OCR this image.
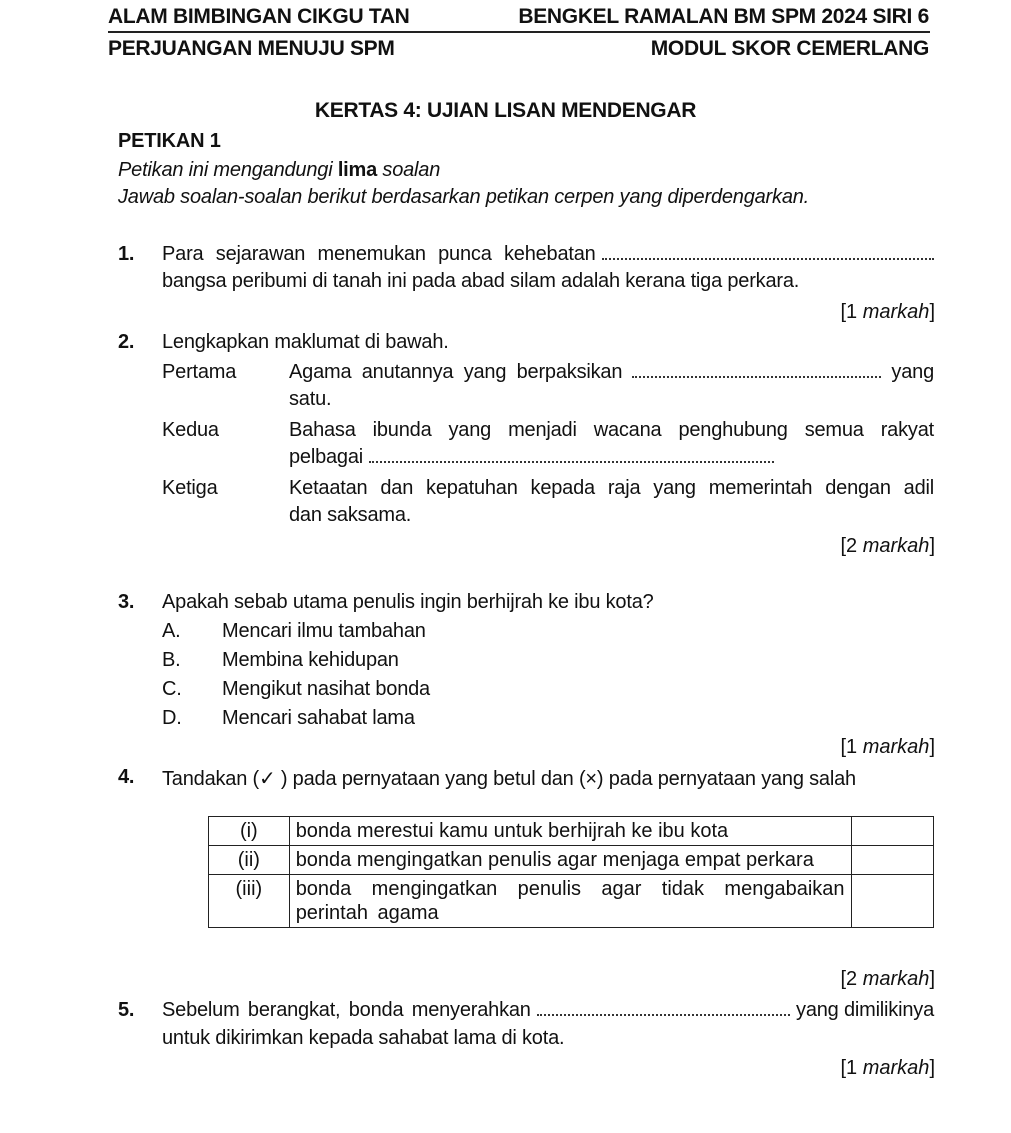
ALAM BIMBINGAN CIKGU TAN	BENGKEL RAMALAN BM SPM 2024 SIRI 6
PERJUANGAN MENUJU SPM	MODUL SKOR CEMERLANG
KERTAS 4: UJIAN LISAN MENDENGAR
PETIKAN 1
Petikan ini mengandungi lima soalan
Jawab soalan-soalan berikut berdasarkan petikan cerpen yang diperdengarkan.
1. Para sejarawan menemukan punca kehebatan
bangsa peribumi di tanah ini pada abad silam adalah kerana tiga perkara.
[1 markah]
2. Lengkapkan maklumat di bawah.
Pertama	Agama anutannya yang berpaksikan	yang
satu.
Kedua	Bahasa ibunda yang menjadi wacana penghubung semua rakyat
pelbagai
Ketiga	Ketaatan dan kepatuhan kepada raja yang memerintah dengan adil
dan saksama.
[2 markah]
3. Apakah sebab utama penulis ingin berhijrah ke ibu kota?
A. Mencari ilmu tambahan
B. Membina kehidupan
C. Mengikut nasihat bonda
D. Mencari sahabat lama
[1 markah]
4. Tandakan (✓ ) pada pernyataan yang betul dan (×) pada pernyataan yang salah
(i)	bonda merestui kamu untuk berhijrah ke ibu kota	
(ii)	bonda mengingatkan penulis agar menjaga empat perkara	
(iii)	bonda mengingatkan penulis agar tidak mengabaikan perintah agama	
[2 markah]
5. Sebelum berangkat, bonda menyerahkan	yang dimilikinya
untuk dikirimkan kepada sahabat lama di kota.
[1 markah]
